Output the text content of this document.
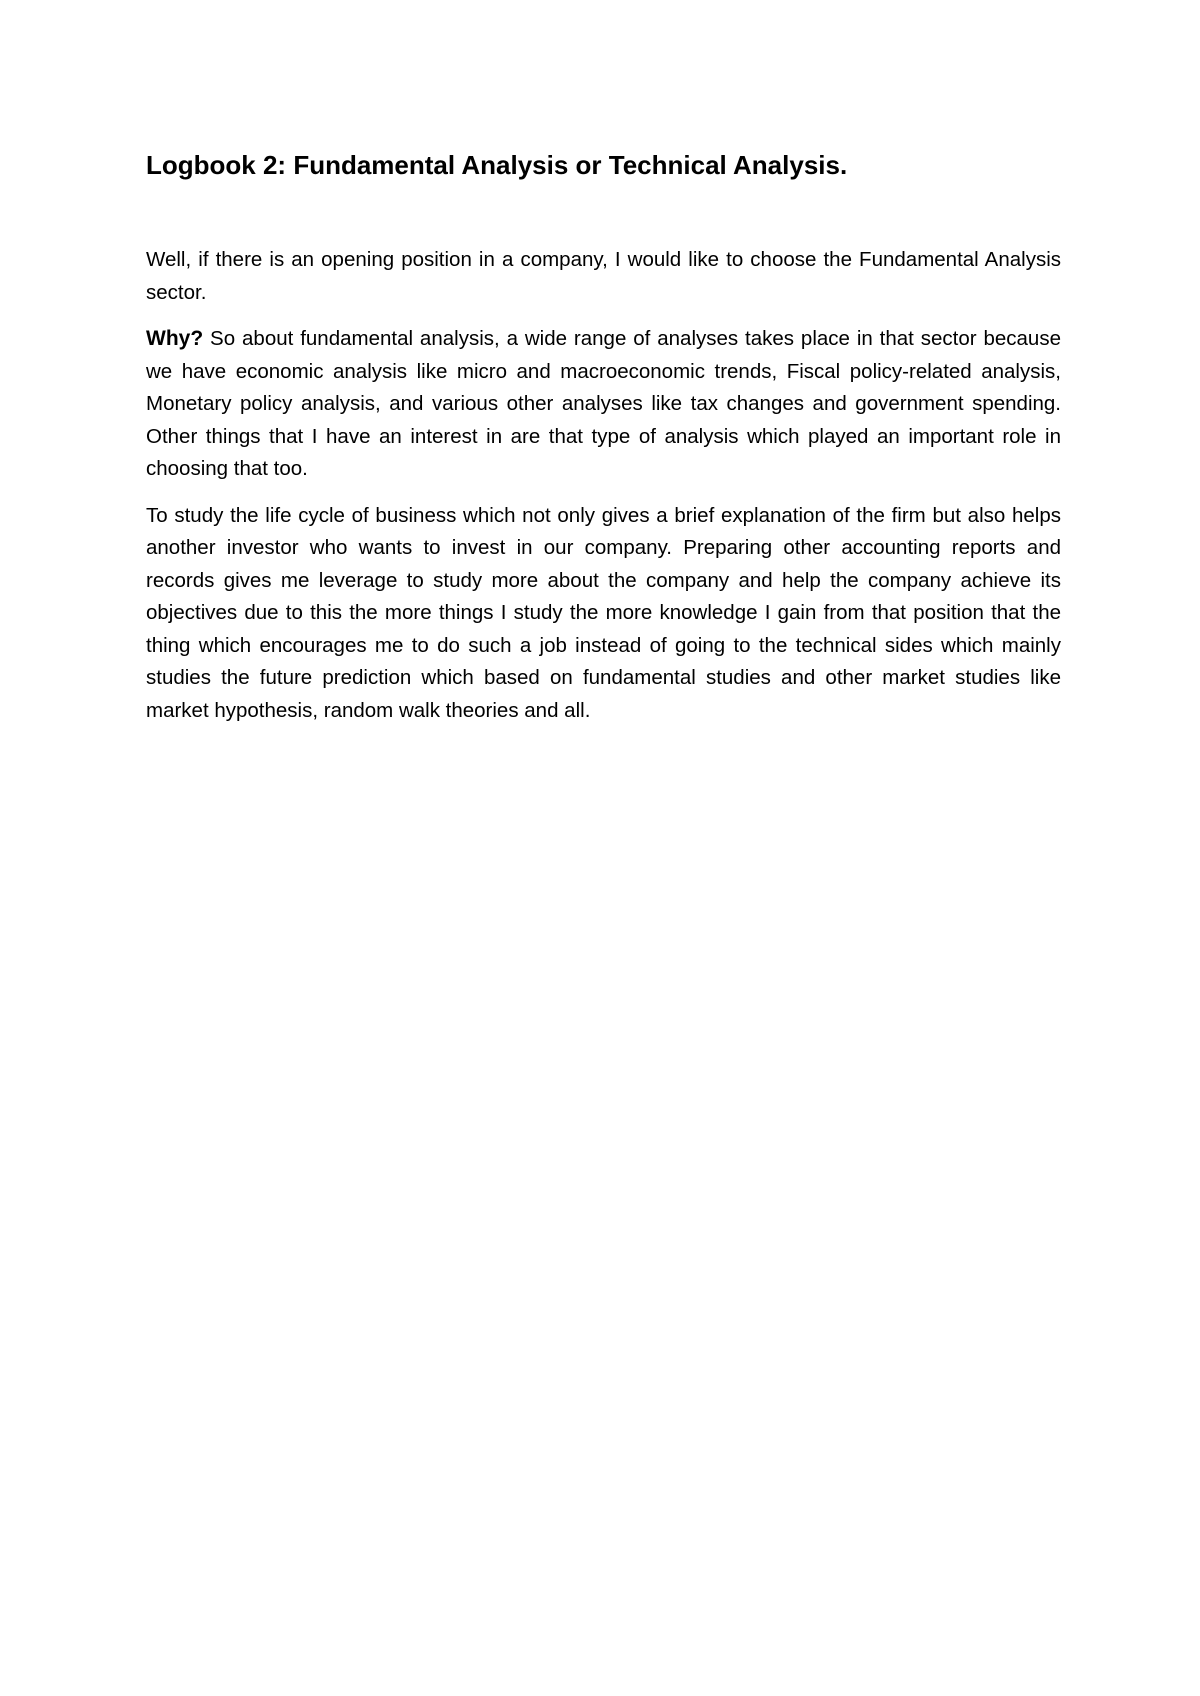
Logbook 2: Fundamental Analysis or Technical Analysis.

Well, if there is an opening position in a company, I would like to choose the Fundamental Analysis sector.

Why? So about fundamental analysis, a wide range of analyses takes place in that sector because we have economic analysis like micro and macroeconomic trends, Fiscal policy-related analysis, Monetary policy analysis, and various other analyses like tax changes and government spending. Other things that I have an interest in are that type of analysis which played an important role in choosing that too.

To study the life cycle of business which not only gives a brief explanation of the firm but also helps another investor who wants to invest in our company. Preparing other accounting reports and records gives me leverage to study more about the company and help the company achieve its objectives due to this the more things I study the more knowledge I gain from that position that the thing which encourages me to do such a job instead of going to the technical sides which mainly studies the future prediction which based on fundamental studies and other market studies like market hypothesis, random walk theories and all.
